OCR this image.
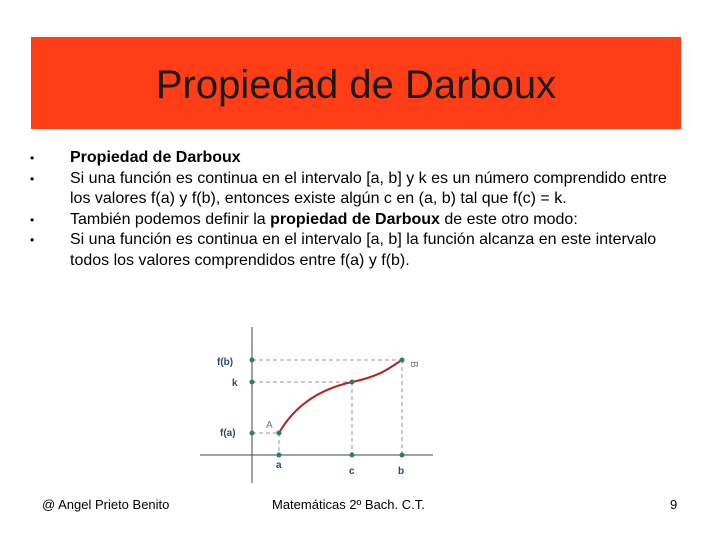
Propiedad de Darboux
•	Propiedad de Darboux
•	Si una función es continua en el intervalo [a, b] y k es un número comprendido entre los valores f(a) y f(b), entonces existe algún c en (a, b) tal que f(c) = k.
•	También podemos definir la propiedad de Darboux de este otro modo:
•	Si una función es continua en el intervalo [a, b] la función alcanza en este intervalo todos los valores comprendidos entre f(a) y f(b).
f(b)
k
f(a)
a
c	b
A
B
@ Angel Prieto Benito	Matemáticas 2º Bach. C.T.	9
